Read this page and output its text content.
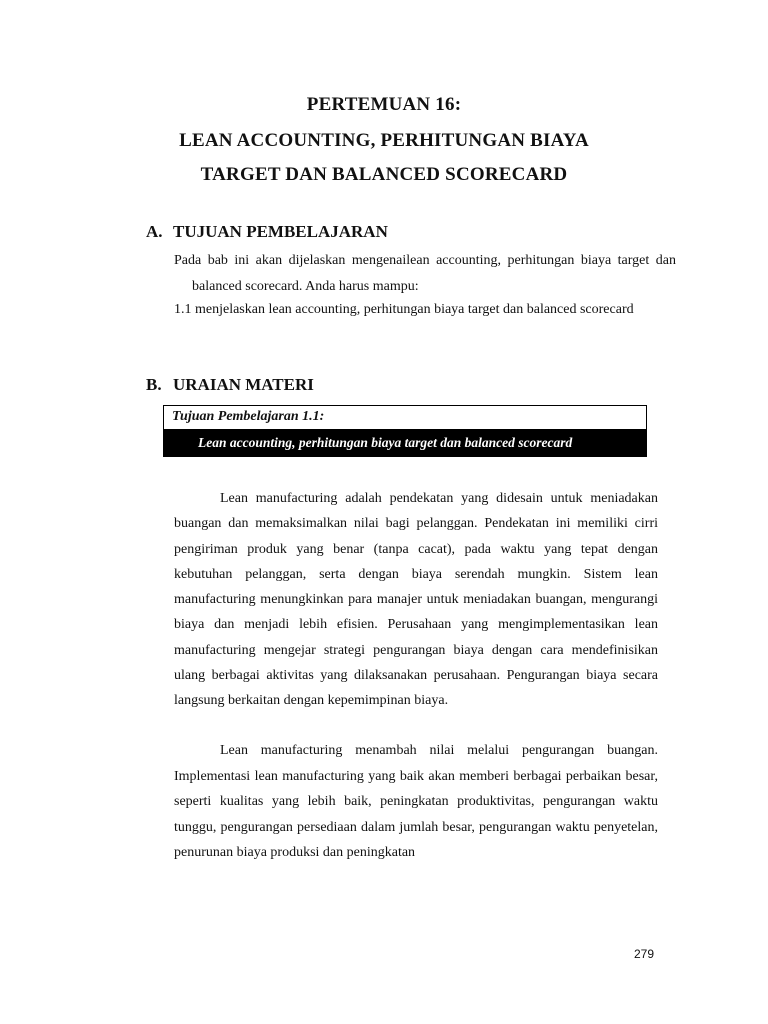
PERTEMUAN 16:
LEAN ACCOUNTING, PERHITUNGAN BIAYA
TARGET DAN BALANCED SCORECARD
A. TUJUAN PEMBELAJARAN
Pada bab ini akan dijelaskan mengenailean accounting, perhitungan biaya target dan balanced scorecard. Anda harus mampu:
1.1 menjelaskan lean accounting, perhitungan biaya target dan balanced scorecard
B. URAIAN MATERI
Tujuan Pembelajaran 1.1:
Lean accounting, perhitungan biaya target dan balanced scorecard

Lean manufacturing adalah pendekatan yang didesain untuk meniadakan buangan dan memaksimalkan nilai bagi pelanggan. Pendekatan ini memiliki cirri pengiriman produk yang benar (tanpa cacat), pada waktu yang tepat dengan kebutuhan pelanggan, serta dengan biaya serendah mungkin. Sistem lean manufacturing menungkinkan para manajer untuk meniadakan buangan, mengurangi biaya dan menjadi lebih efisien. Perusahaan yang mengimplementasikan lean manufacturing mengejar strategi pengurangan biaya dengan cara mendefinisikan ulang berbagai aktivitas yang dilaksanakan perusahaan. Pengurangan biaya secara langsung berkaitan dengan kepemimpinan biaya.

Lean manufacturing menambah nilai melalui pengurangan buangan. Implementasi lean manufacturing yang baik akan memberi berbagai perbaikan besar, seperti kualitas yang lebih baik, peningkatan produktivitas, pengurangan waktu tunggu, pengurangan persediaan dalam jumlah besar, pengurangan waktu penyetelan, penurunan biaya produksi dan peningkatan

279
